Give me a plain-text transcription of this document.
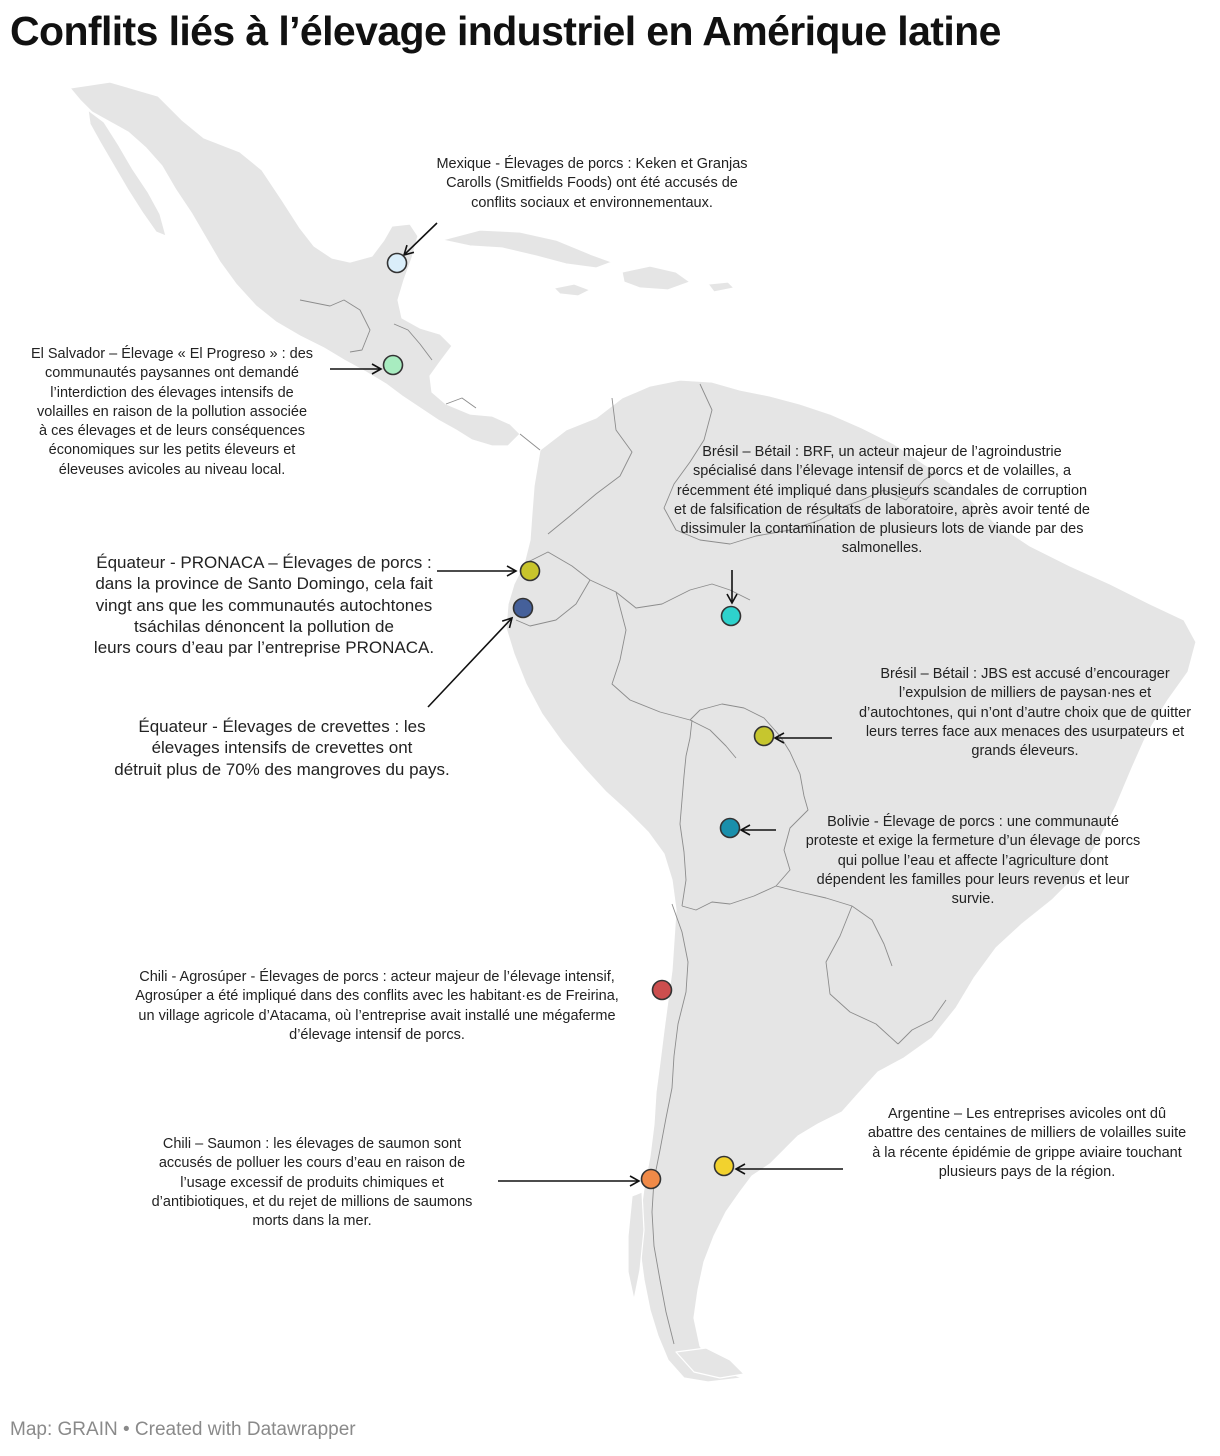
Conflits liés à l’élevage industriel en Amérique latine
Mexique - Élevages de porcs : Keken et Granjas
Carolls (Smitfields Foods) ont été accusés de
conflits sociaux et environnementaux.
El Salvador – Élevage « El Progreso » : des
communautés paysannes ont demandé
l’interdiction des élevages intensifs de
volailles en raison de la pollution associée
à ces élevages et de leurs conséquences
économiques sur les petits éleveurs et
éleveuses avicoles au niveau local.
Brésil – Bétail : BRF, un acteur majeur de l’agroindustrie
spécialisé dans l’élevage intensif de porcs et de volailles, a
récemment été impliqué dans plusieurs scandales de corruption
et de falsification de résultats de laboratoire, après avoir tenté de
dissimuler la contamination de plusieurs lots de viande par des
salmonelles.
Équateur - PRONACA – Élevages de porcs :
dans la province de Santo Domingo, cela fait
vingt ans que les communautés autochtones
tsáchilas dénoncent la pollution de
leurs cours d’eau par l’entreprise PRONACA.
Équateur - Élevages de crevettes : les
élevages intensifs de crevettes ont
détruit plus de 70% des mangroves du pays.
Brésil – Bétail : JBS est accusé d’encourager
l’expulsion de milliers de paysan·nes et
d’autochtones, qui n’ont d’autre choix que de quitter
leurs terres face aux menaces des usurpateurs et
grands éleveurs.
Bolivie - Élevage de porcs : une communauté
proteste et exige la fermeture d’un élevage de porcs
qui pollue l’eau et affecte l’agriculture dont
dépendent les familles pour leurs revenus et leur
survie.
Chili - Agrosúper - Élevages de porcs : acteur majeur de l’élevage intensif,
Agrosúper a été impliqué dans des conflits avec les habitant·es de Freirina,
un village agricole d’Atacama, où l’entreprise avait installé une mégaferme
d’élevage intensif de porcs.
Chili – Saumon : les élevages de saumon sont
accusés de polluer les cours d’eau en raison de
l’usage excessif de produits chimiques et
d’antibiotiques, et du rejet de millions de saumons
morts dans la mer.
Argentine – Les entreprises avicoles ont dû
abattre des centaines de milliers de volailles suite
à la récente épidémie de grippe aviaire touchant
plusieurs pays de la région.
Map: GRAIN • Created with Datawrapper
